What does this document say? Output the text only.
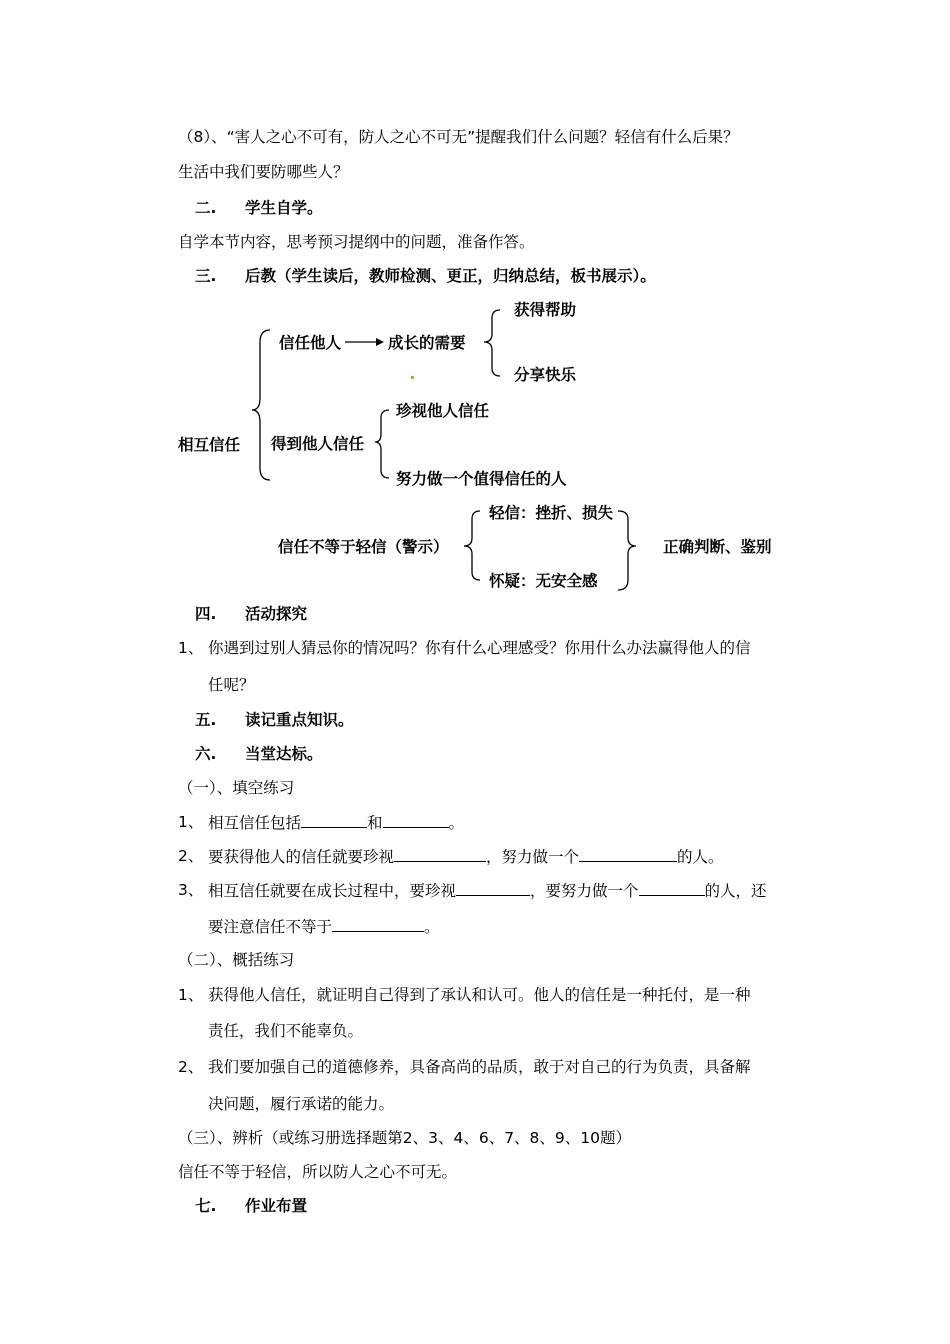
（8）、“害人之心不可有，防人之心不可无”提醒我们什么问题？轻信有什么后果？
生活中我们要防哪些人？
二. 学生自学。
自学本节内容，思考预习提纲中的问题，准备作答。
三. 后教（学生读后，教师检测、更正，归纳总结，板书展示）。
相互信任
信任他人	成长的需要
获得帮助
分享快乐
得到他人信任
珍视他人信任
努力做一个值得信任的人
信任不等于轻信（警示）
轻信：挫折、损失
怀疑：无安全感
正确判断、鉴别
四. 活动探究
1、 你遇到过别人猜忌你的情况吗？你有什么心理感受？你用什么办法赢得他人的信
任呢？
五. 读记重点知识。
六. 当堂达标。
（一）、填空练习
1、 相互信任包括	和	。
2、 要获得他人的信任就要珍视	，努力做一个	的人。
3、 相互信任就要在成长过程中，要珍视	，要努力做一个	的人，还
要注意信任不等于	。
（二）、概括练习
1、 获得他人信任，就证明自己得到了承认和认可。他人的信任是一种托付，是一种
责任，我们不能辜负。
2、 我们要加强自己的道德修养，具备高尚的品质，敢于对自己的行为负责，具备解
决问题，履行承诺的能力。
（三）、辨析（或练习册选择题第2、3、4、6、7、8、9、10题）
信任不等于轻信，所以防人之心不可无。
七. 作业布置
